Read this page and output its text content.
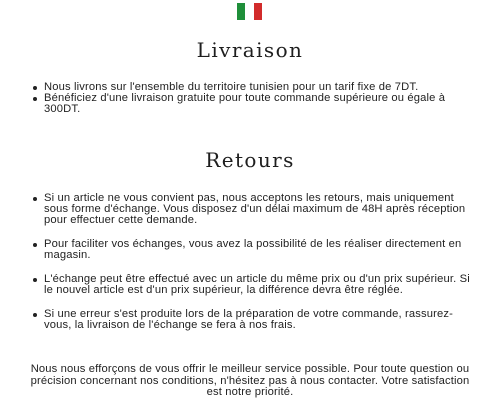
Livraison
Nous livrons sur l'ensemble du territoire tunisien pour un tarif fixe de 7DT.
Bénéficiez d'une livraison gratuite pour toute commande supérieure ou égale à 300DT.
Retours
Si un article ne vous convient pas, nous acceptons les retours, mais uniquement sous forme d'échange. Vous disposez d'un délai maximum de 48H après réception pour effectuer cette demande.
Pour faciliter vos échanges, vous avez la possibilité de les réaliser directement en magasin.
L'échange peut être effectué avec un article du même prix ou d'un prix supérieur. Si le nouvel article est d'un prix supérieur, la différence devra être réglée.
Si une erreur s'est produite lors de la préparation de votre commande, rassurez-vous, la livraison de l'échange se fera à nos frais.

Nous nous efforçons de vous offrir le meilleur service possible. Pour toute question ou précision concernant nos conditions, n'hésitez pas à nous contacter. Votre satisfaction est notre priorité.
